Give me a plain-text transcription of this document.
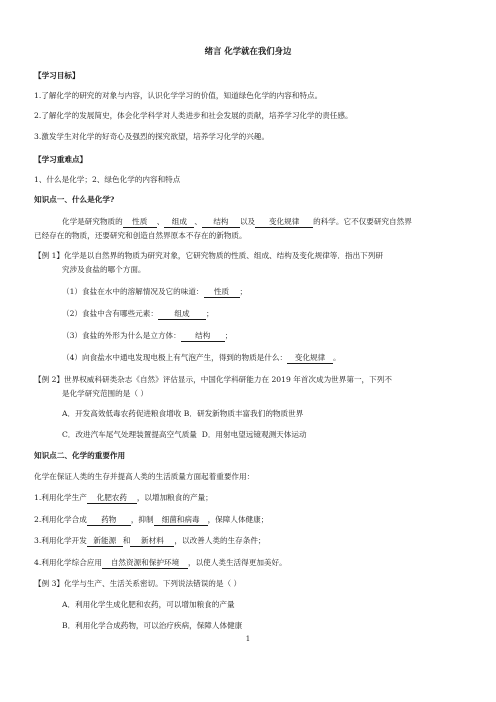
绪言 化学就在我们身边
【学习目标】
1.了解化学的研究的对象与内容，认识化学学习的价值，知道绿色化学的内容和特点。
2.了解化学的发展简史，体会化学科学对人类进步和社会发展的贡献，培养学习化学的责任感。
3.激发学生对化学的好奇心及强烈的探究欲望，培养学习化学的兴趣。
【学习重难点】
1、什么是化学；2、绿色化学的内容和特点
知识点一、什么是化学?
化学是研究物质的 性质 、 组成 、 结构 以及 变化规律 的科学。它不仅要研究自然界
已经存在的物质，还要研究和创造自然界原本不存在的新物质。
【例 1】化学是以自然界的物质为研究对象，它研究物质的性质、组成、结构及变化规律等．指出下列研
究涉及食盐的哪个方面。
（1）食盐在水中的溶解情况及它的味道： 性质 ；
（2）食盐中含有哪些元素： 组成 ；
（3）食盐的外形为什么是立方体： 结构 ；
（4）向食盐水中通电发现电极上有气泡产生，得到的物质是什么： 变化规律 。
【例 2】世界权威科研类杂志《自然》评估显示，中国化学科研能力在 2019 年首次成为世界第一，下列不
是化学研究范围的是（ ）
A．开发高效低毒农药促进粮食增收 B．研发新物质丰富我们的物质世界
C．改进汽车尾气处理装置提高空气质量 D．用射电望远镜观测天体运动
知识点二、化学的重要作用
化学在保证人类的生存并提高人类的生活质量方面起着重要作用：
1.利用化学生产 化肥农药 ，以增加粮食的产量；
2.利用化学合成 药物 ，抑制 细菌和病毒 ，保障人体健康；
3.利用化学开发 新能源 和 新材料 ，以改善人类的生存条件；
4.利用化学综合应用 自然资源和保护环境 ，以使人类生活得更加美好。
【例 3】化学与生产、生活关系密切。下列说法错误的是（ ）
A．利用化学生成化肥和农药，可以增加粮食的产量
B．利用化学合成药物，可以治疗疾病，保障人体健康
1
